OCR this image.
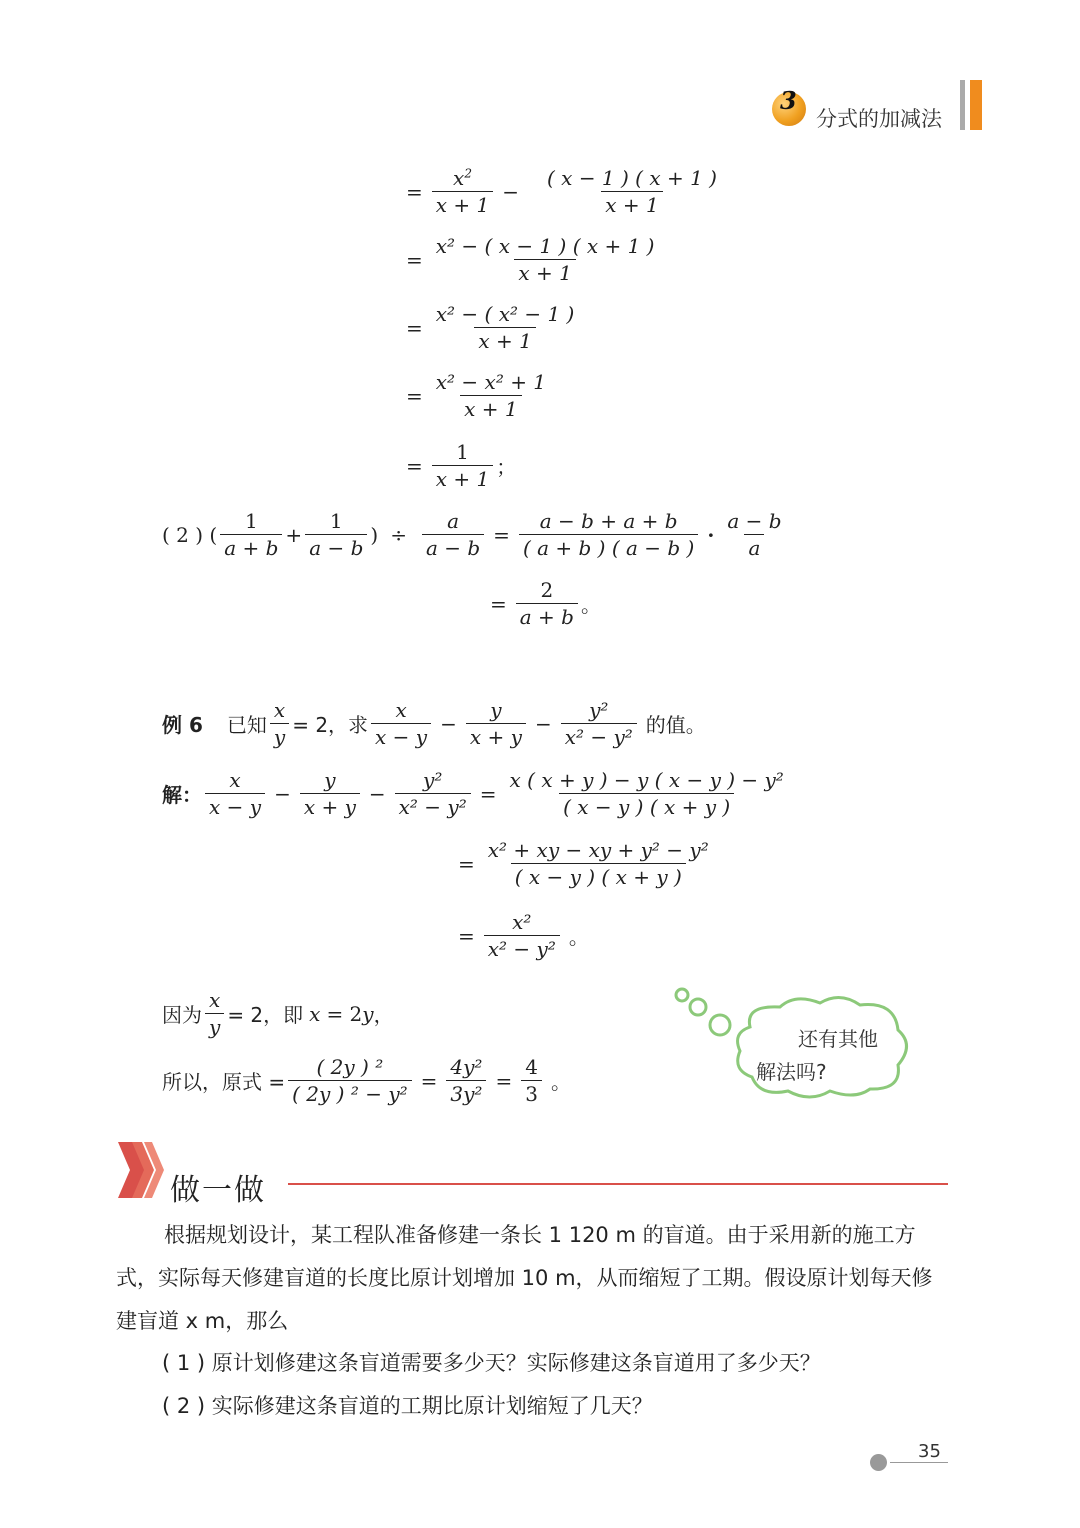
3
分式的加减法
= $\frac{x^2}{x + 1} - \frac{( x - 1 ) ( x + 1 )}{x + 1}$
= $\frac{\text{x² − ( x − 1 ) ( x + 1 )}}{x + 1}$
= $\frac{\text{x² − ( x² − 1 )}}{x + 1}$
= $\frac{\text{x² − x² + 1}}{x + 1}$
= $\frac{1}{x + 1}$ ；
( 2 ) ( $\frac{1}{a + b} + \frac{1}{a - b}$ ) ÷ $\frac{a}{a - b} = \frac{a - b + a + b}{( a + b ) ( a - b )} \cdot \frac{a - b}{a}$
= $\frac{2}{a + b}$ 。
例 6 已知 $\frac{x}{y} = 2$，求 $\frac{x}{x - y} - \frac{y}{x + y} - \frac{\text{y²}}{\text{x² − y²}}$ 的值。
解： $\frac{x}{x - y} - \frac{y}{x + y} - \frac{\text{y²}}{\text{x² − y²}} = \frac{\text{x ( x + y ) − y ( x − y ) − y²}}{( x - y ) ( x + y )}$
= $\frac{\text{x² + xy − xy + y² − y²}}{( x - y ) ( x + y )}$
= $\frac{\text{x²}}{\text{x² − y²}}$ 。
因为 $\frac{x}{y} = 2$，即 x = 2 y ，
所以，原式 = $\frac{\text{( 2y ) ²}}{\text{( 2y ) ² − y²}} = \frac{\text{4y²}}{\text{3y²}} = \frac{4}{3}$ 。
还有其他
解法吗?
做一做
根据规划设计，某工程队准备修建一条长 1 120 m 的盲道。由于采用新的施工方式，实际每天修建盲道的长度比原计划增加 10 m，从而缩短了工期。假设原计划每天修建盲道 x m，那么
( 1 ) 原计划修建这条盲道需要多少天？实际修建这条盲道用了多少天？
( 2 ) 实际修建这条盲道的工期比原计划缩短了几天？
35
